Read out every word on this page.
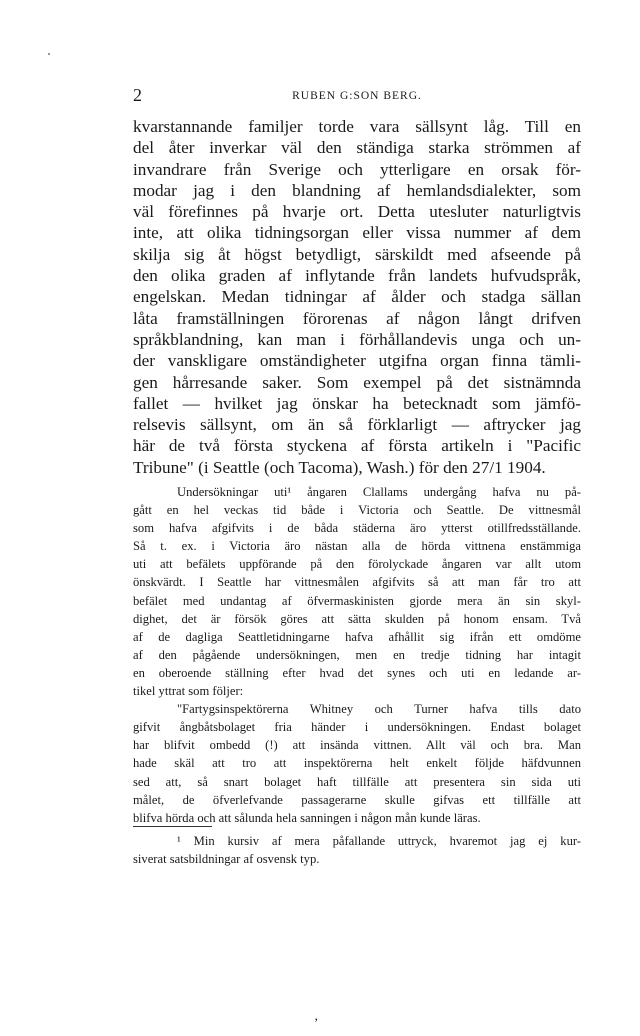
2	RUBEN G:SON BERG.
kvarstannande familjer torde vara sällsynt låg. Till en
del åter inverkar väl den ständiga starka strömmen af
invandrare från Sverige och ytterligare en orsak för-
modar jag i den blandning af hemlandsdialekter, som
väl förefinnes på hvarje ort. Detta utesluter naturligtvis
inte, att olika tidningsorgan eller vissa nummer af dem
skilja sig åt högst betydligt, särskildt med afseende på
den olika graden af inflytande från landets hufvudspråk,
engelskan. Medan tidningar af ålder och stadga sällan
låta framställningen förorenas af någon långt drifven
språkblandning, kan man i förhållandevis unga och un-
der vanskligare omständigheter utgifna organ finna tämli-
gen hårresande saker. Som exempel på det sistnämnda
fallet — hvilket jag önskar ha betecknadt som jämfö-
relsevis sällsynt, om än så förklarligt — aftrycker jag
här de två första styckena af första artikeln i "Pacific
Tribune" (i Seattle (och Tacoma), Wash.) för den 27/1 1904.
Undersökningar uti¹ ångaren Clallams undergång hafva nu på-
gått en hel veckas tid både i Victoria och Seattle. De vittnesmål
som hafva afgifvits i de båda städerna äro ytterst otillfredsställande.
Så t. ex. i Victoria äro nästan alla de hörda vittnena enstämmiga
uti att befälets uppförande på den förolyckade ångaren var allt utom
önskvärdt. I Seattle har vittnesmålen afgifvits så att man får tro att
befälet med undantag af öfvermaskinisten gjorde mera än sin skyl-
dighet, det är försök göres att sätta skulden på honom ensam. Två
af de dagliga Seattletidningarne hafva afhållit sig ifrån ett omdöme
af den pågående undersökningen, men en tredje tidning har intagit
en oberoende ställning efter hvad det synes och uti en ledande ar-
tikel yttrat som följer:
"Fartygsinspektörerna Whitney och Turner hafva tills dato
gifvit ångbåtsbolaget fria händer i undersökningen. Endast bolaget
har blifvit ombedd (!) att insända vittnen. Allt väl och bra. Man
hade skäl att tro att inspektörerna helt enkelt följde häfdvunnen
sed att, så snart bolaget haft tillfälle att presentera sin sida uti
målet, de öfverlefvande passagerarne skulle gifvas ett tillfälle att
blifva hörda och att sålunda hela sanningen i någon mån kunde läras.
¹ Min kursiv af mera påfallande uttryck, hvaremot jag ej kur-
siverat satsbildningar af osvensk typ.
ʼ
